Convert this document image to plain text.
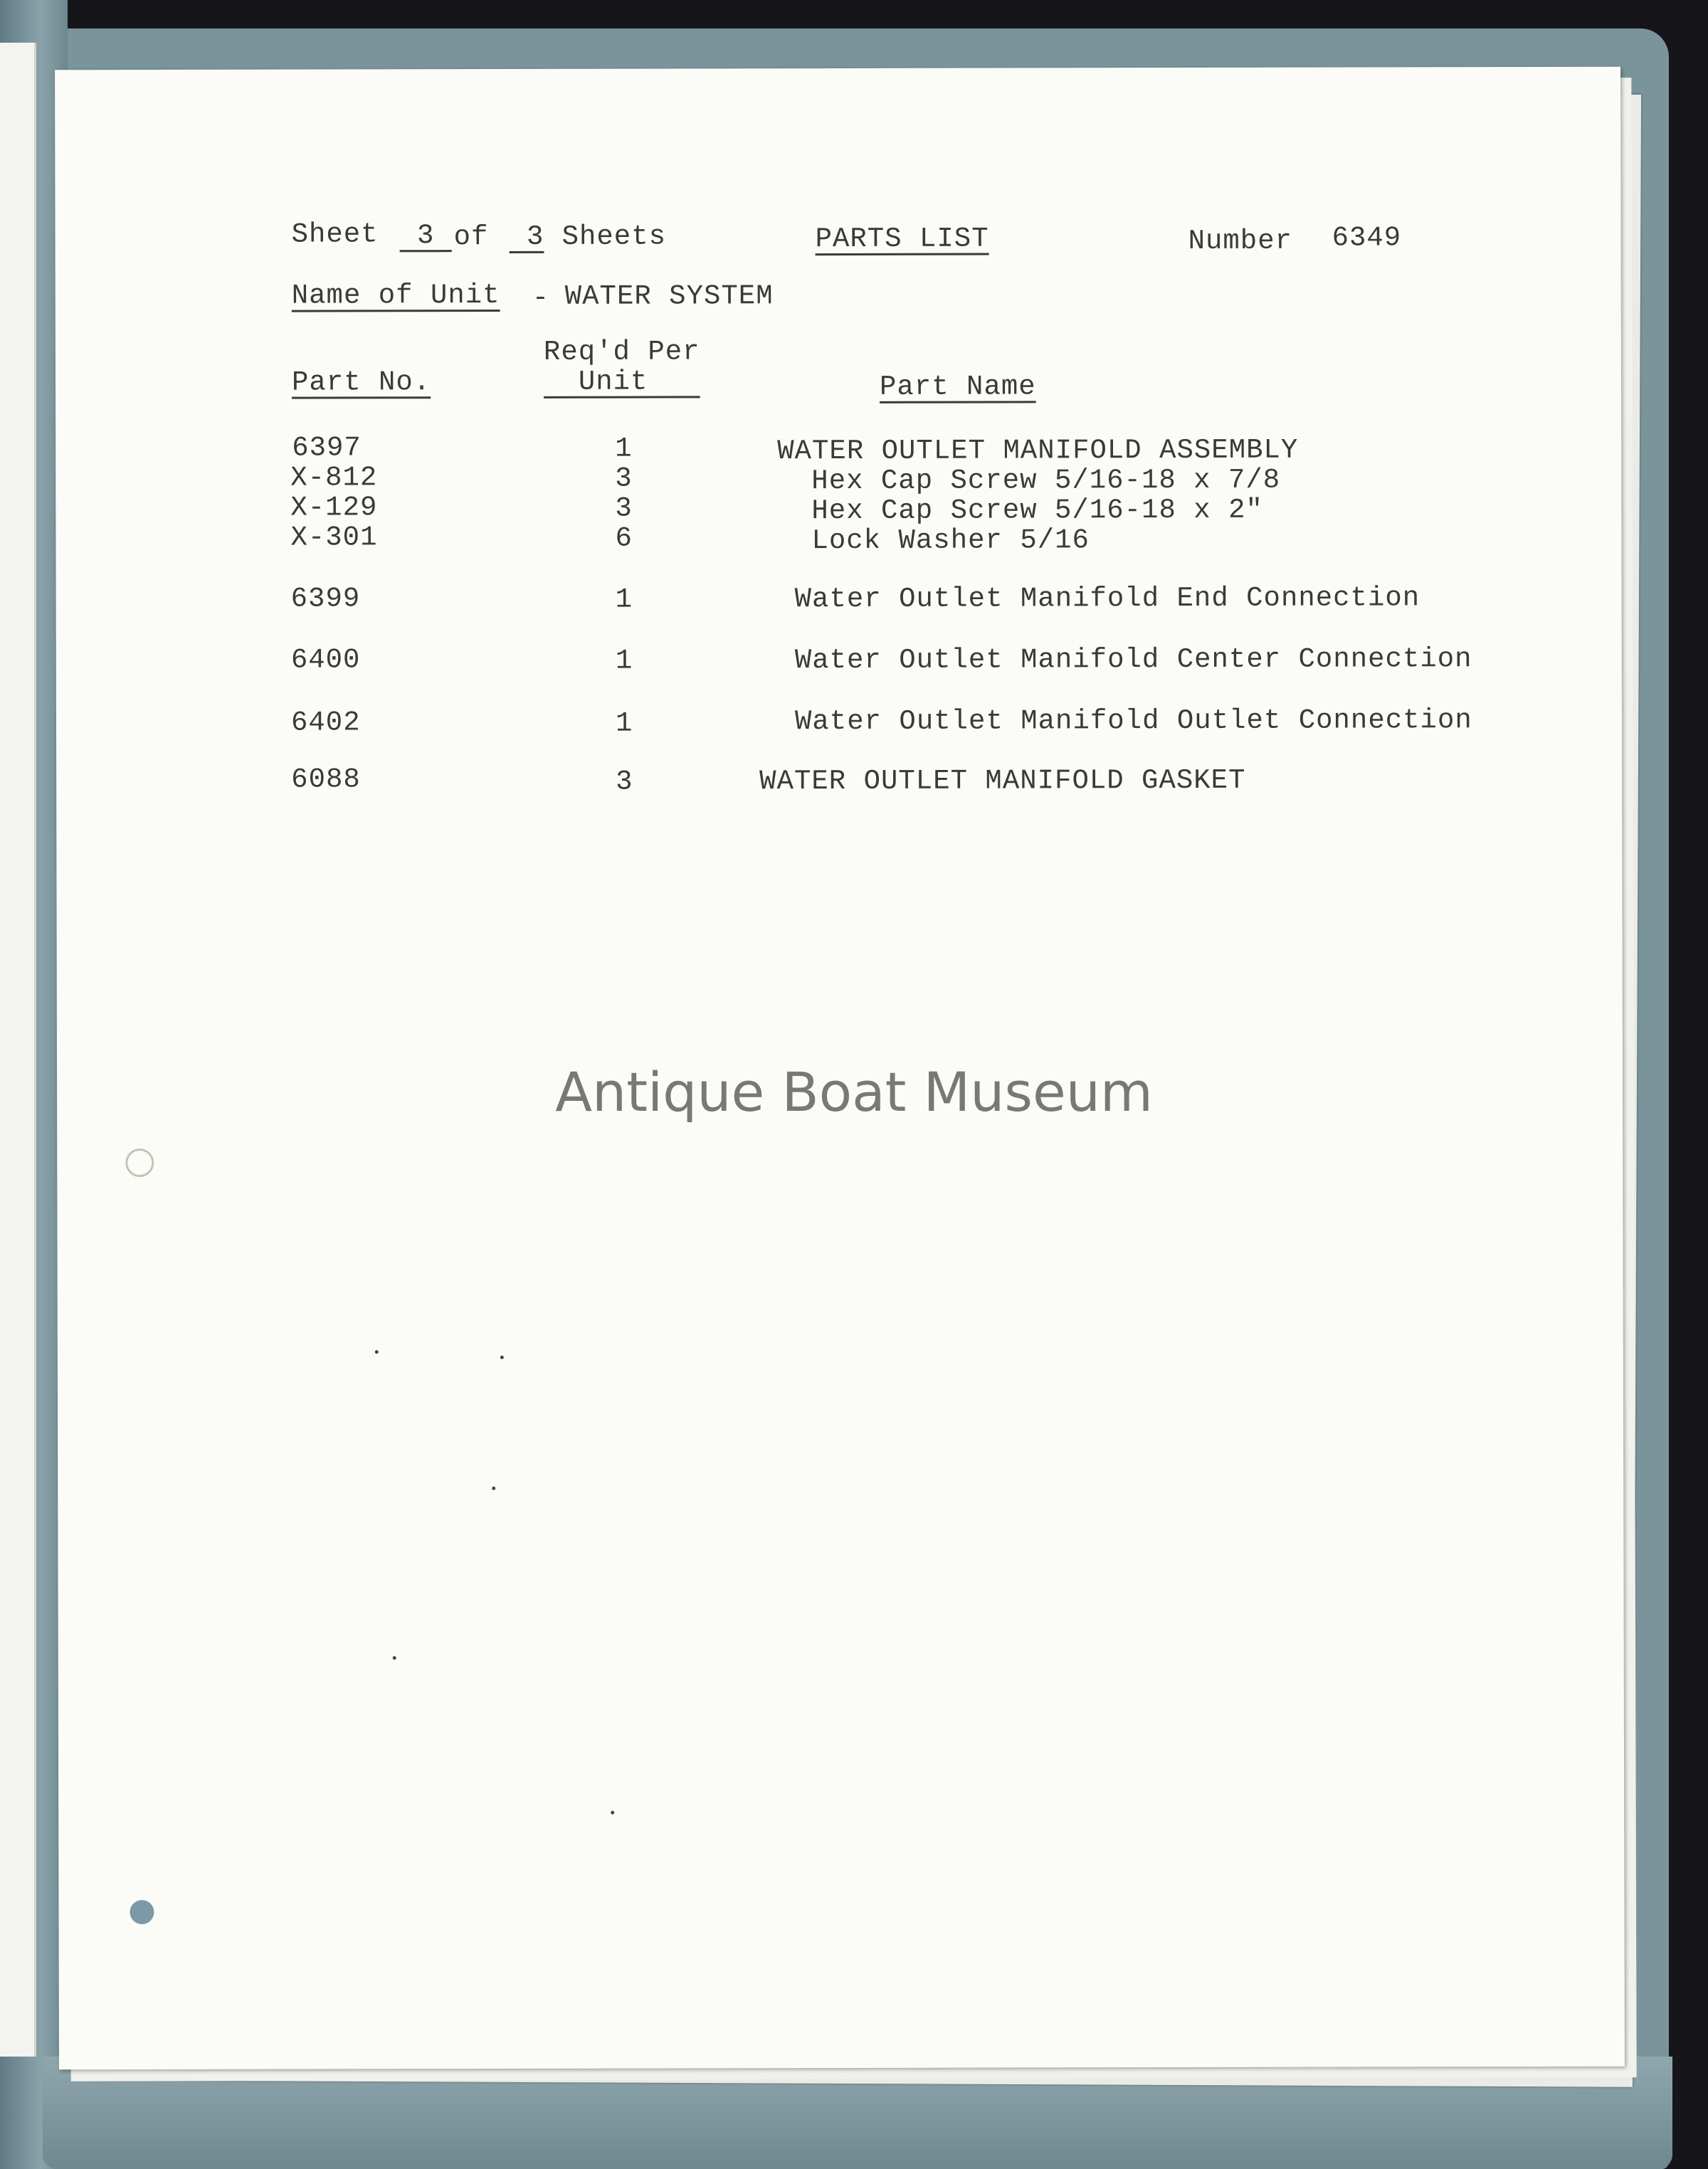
Sheet	3 of	3 Sheets	PARTS LIST	Number 6349
Name of Unit - WATER SYSTEM
Part No.
Req'd Per
Unit	Part Name
6397	1	WATER OUTLET MANIFOLD ASSEMBLY
X-812	3	Hex Cap Screw 5/16-18 x 7/8
X-129	3	Hex Cap Screw 5/16-18 x 2"
X-301	6	Lock Washer 5/16
6399	1	Water Outlet Manifold End Connection
6400	1	Water Outlet Manifold Center Connection
6402	1	Water Outlet Manifold Outlet Connection
6088	3	WATER OUTLET MANIFOLD GASKET
Antique Boat Museum
